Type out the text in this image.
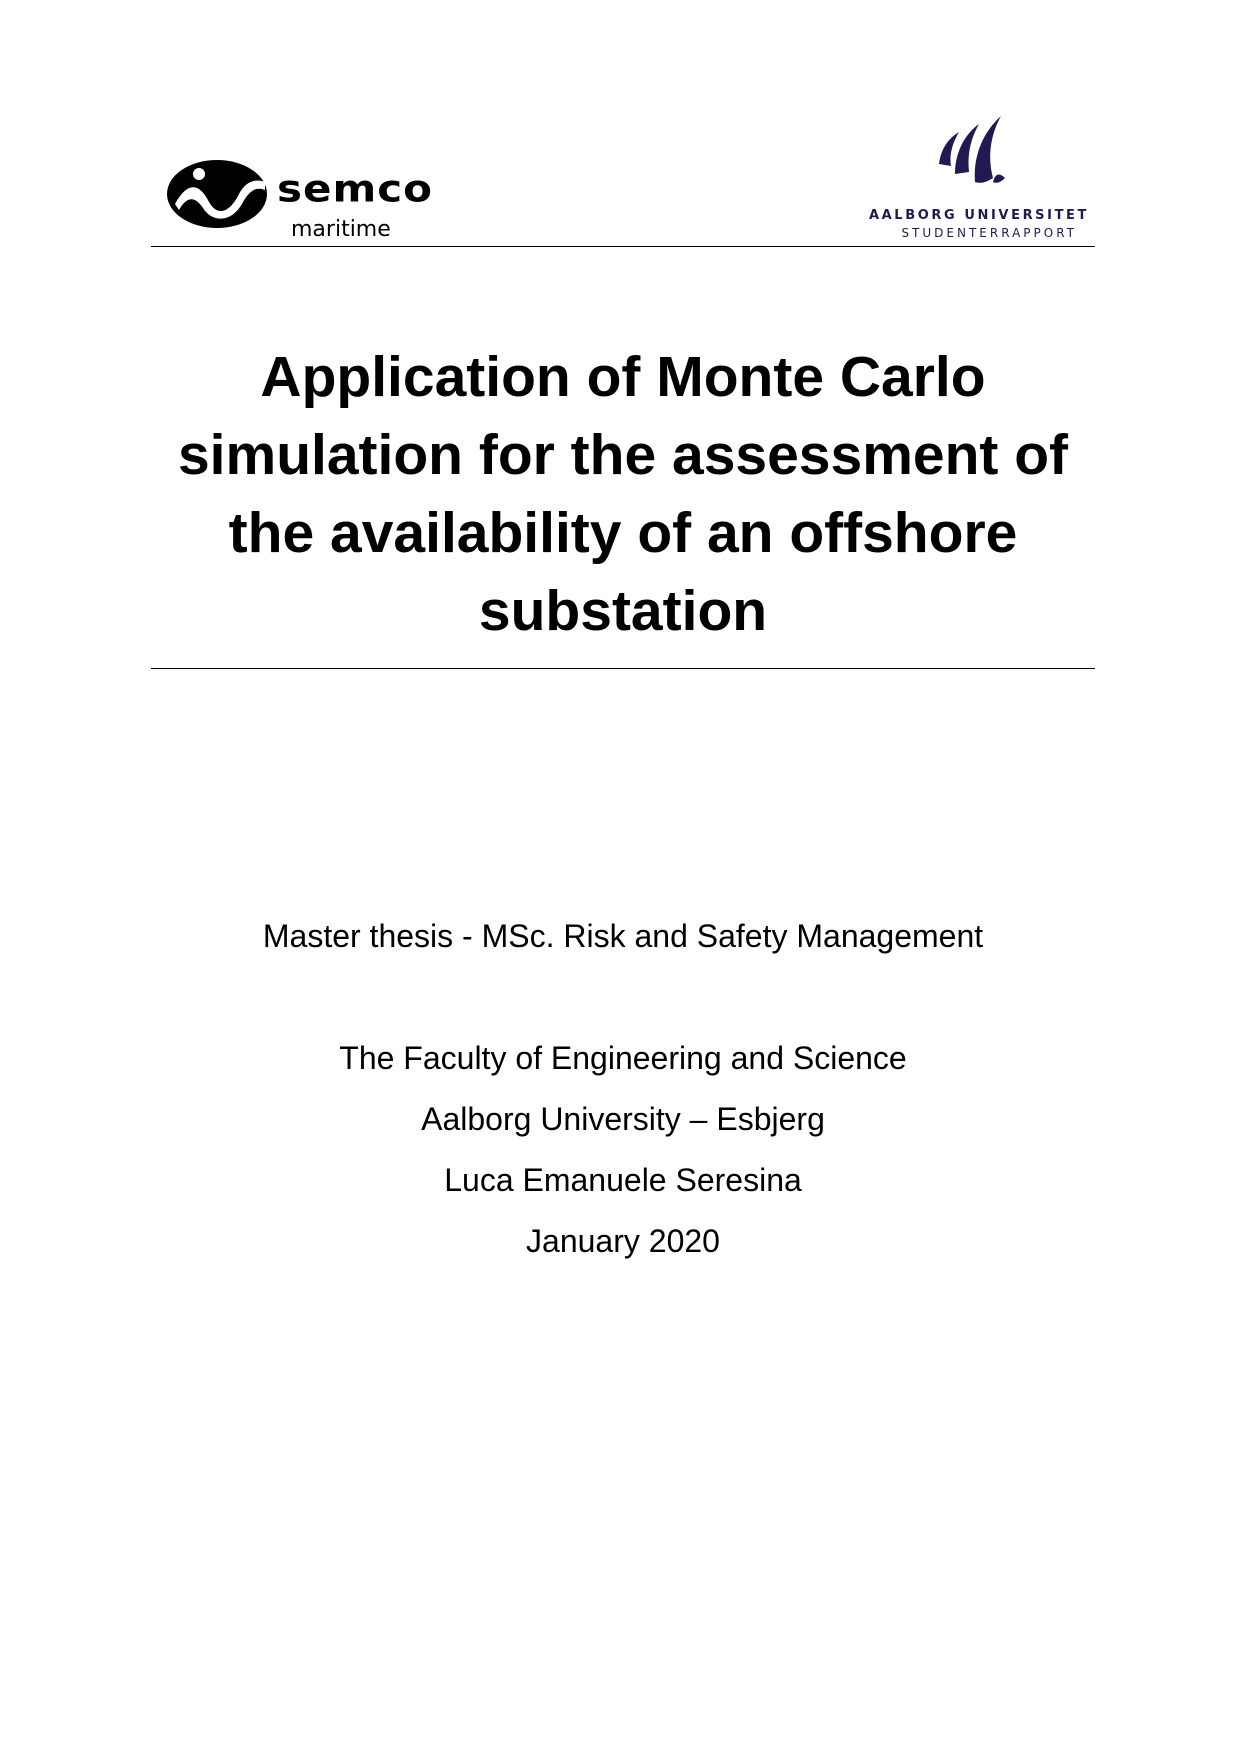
semco
maritime
AALBORG UNIVERSITET
STUDENTERRAPPORT
Application of Monte Carlo simulation for the assessment of the availability of an offshore substation

Master thesis - MSc. Risk and Safety Management

The Faculty of Engineering and Science

Aalborg University – Esbjerg

Luca Emanuele Seresina

January 2020
